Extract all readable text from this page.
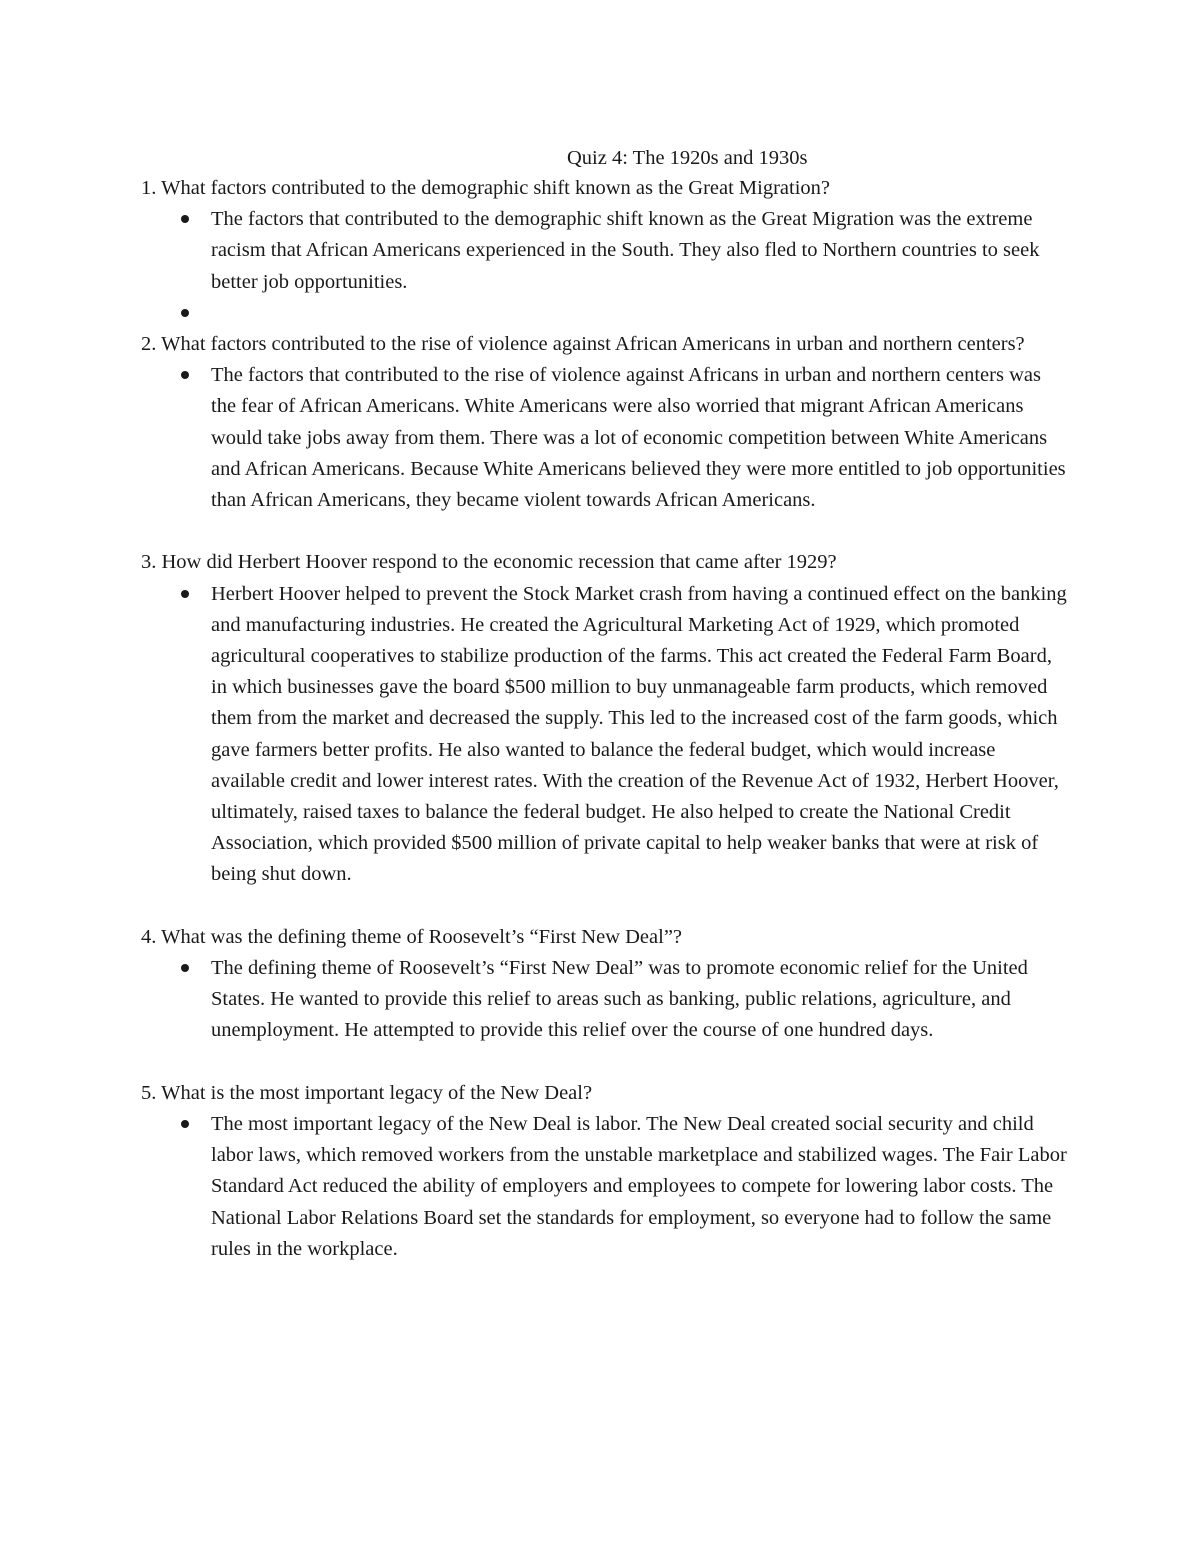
Quiz 4: The 1920s and 1930s

1. What factors contributed to the demographic shift known as the Great Migration?

The factors that contributed to the demographic shift known as the Great Migration was the extreme racism that African Americans experienced in the South. They also fled to Northern countries to seek better job opportunities.

2. What factors contributed to the rise of violence against African Americans in urban and northern centers?

The factors that contributed to the rise of violence against Africans in urban and northern centers was the fear of African Americans. White Americans were also worried that migrant African Americans would take jobs away from them. There was a lot of economic competition between White Americans and African Americans. Because White Americans believed they were more entitled to job opportunities than African Americans, they became violent towards African Americans.

3. How did Herbert Hoover respond to the economic recession that came after 1929?

Herbert Hoover helped to prevent the Stock Market crash from having a continued effect on the banking and manufacturing industries. He created the Agricultural Marketing Act of 1929, which promoted agricultural cooperatives to stabilize production of the farms. This act created the Federal Farm Board, in which businesses gave the board $500 million to buy unmanageable farm products, which removed them from the market and decreased the supply. This led to the increased cost of the farm goods, which gave farmers better profits. He also wanted to balance the federal budget, which would increase available credit and lower interest rates. With the creation of the Revenue Act of 1932, Herbert Hoover, ultimately, raised taxes to balance the federal budget. He also helped to create the National Credit Association, which provided $500 million of private capital to help weaker banks that were at risk of being shut down.

4. What was the defining theme of Roosevelt’s “First New Deal”?

The defining theme of Roosevelt’s “First New Deal” was to promote economic relief for the United States. He wanted to provide this relief to areas such as banking, public relations, agriculture, and unemployment. He attempted to provide this relief over the course of one hundred days.

5. What is the most important legacy of the New Deal?

The most important legacy of the New Deal is labor. The New Deal created social security and child labor laws, which removed workers from the unstable marketplace and stabilized wages. The Fair Labor Standard Act reduced the ability of employers and employees to compete for lowering labor costs. The National Labor Relations Board set the standards for employment, so everyone had to follow the same rules in the workplace.
